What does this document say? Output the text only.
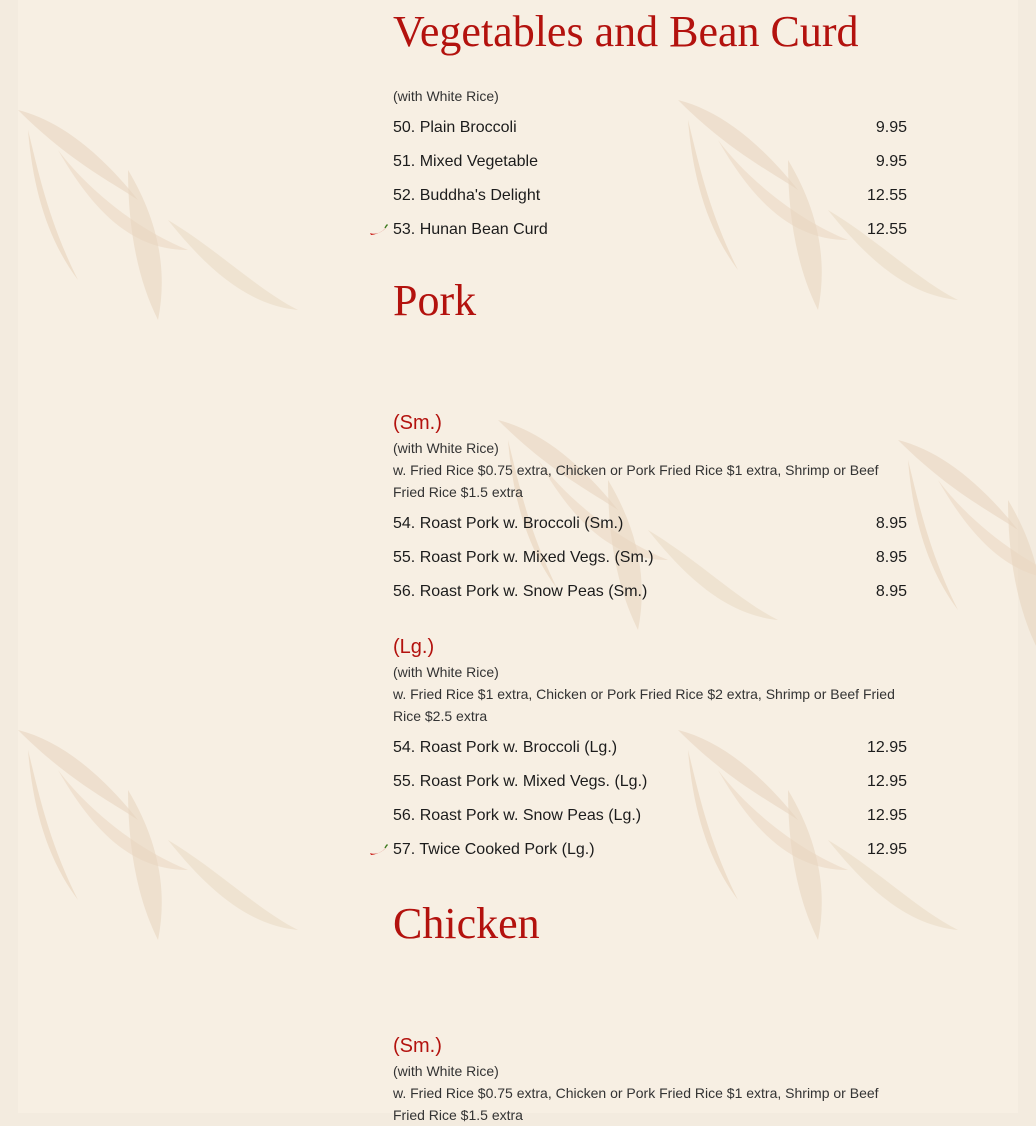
Vegetables and Bean Curd
(with White Rice)
50. Plain Broccoli	9.95
51. Mixed Vegetable	9.95
52. Buddha's Delight	12.55
53. Hunan Bean Curd	12.55
Pork
(Sm.)
(with White Rice)
w. Fried Rice $0.75 extra, Chicken or Pork Fried Rice $1 extra, Shrimp or Beef Fried Rice $1.5 extra
54. Roast Pork w. Broccoli (Sm.)	8.95
55. Roast Pork w. Mixed Vegs. (Sm.)	8.95
56. Roast Pork w. Snow Peas (Sm.)	8.95
(Lg.)
(with White Rice)
w. Fried Rice $1 extra, Chicken or Pork Fried Rice $2 extra, Shrimp or Beef Fried Rice $2.5 extra
54. Roast Pork w. Broccoli (Lg.)	12.95
55. Roast Pork w. Mixed Vegs. (Lg.)	12.95
56. Roast Pork w. Snow Peas (Lg.)	12.95
57. Twice Cooked Pork (Lg.)	12.95
Chicken
(Sm.)
(with White Rice)
w. Fried Rice $0.75 extra, Chicken or Pork Fried Rice $1 extra, Shrimp or Beef Fried Rice $1.5 extra
